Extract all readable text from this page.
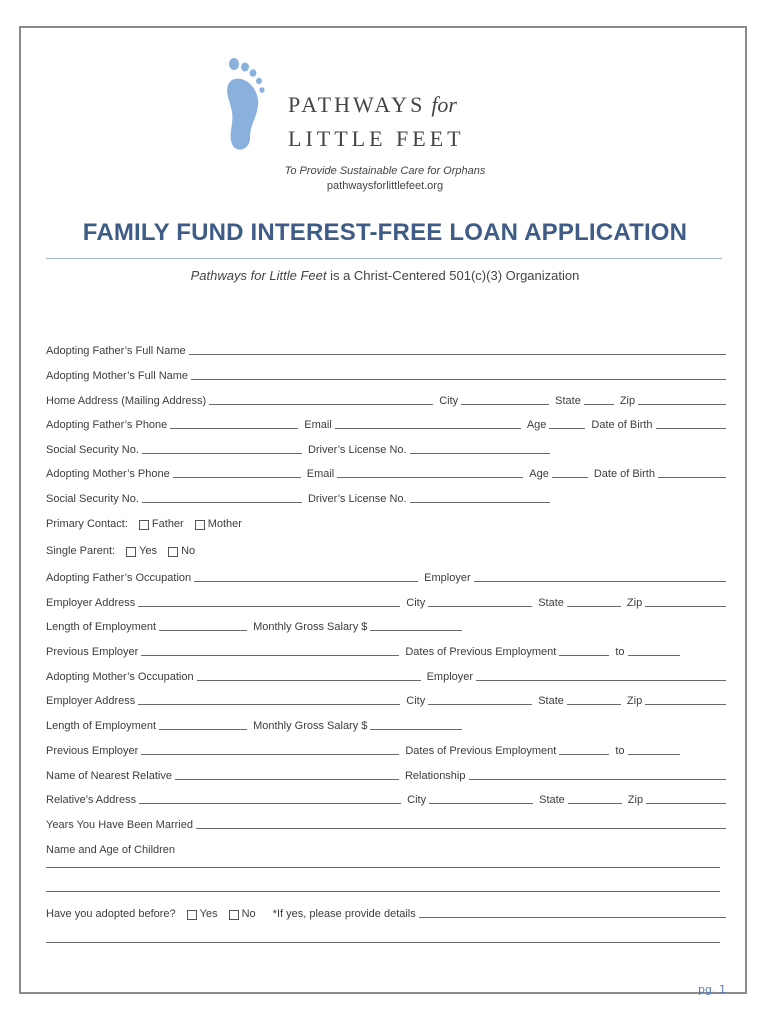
PATHWAYS for
LITTLE FEET
To Provide Sustainable Care for Orphans
pathwaysforlittlefeet.org
FAMILY FUND INTEREST-FREE LOAN APPLICATION
Pathways for Little Feet is a Christ-Centered 501(c)(3) Organization
Adopting Father’s Full Name
Adopting Mother’s Full Name
Home Address (Mailing Address)	City	State	Zip
Adopting Father’s Phone	Email	Age	Date of Birth
Social Security No.	Driver’s License No.
Adopting Mother’s Phone	Email	Age	Date of Birth
Social Security No.	Driver’s License No.
Primary Contact: Father Mother
Single Parent: Yes No
Adopting Father’s Occupation	Employer
Employer Address	City	State	Zip
Length of Employment	Monthly Gross Salary $
Previous Employer	Dates of Previous Employment	to
Adopting Mother’s Occupation	Employer
Employer Address	City	State	Zip
Length of Employment	Monthly Gross Salary $
Previous Employer	Dates of Previous Employment	to
Name of Nearest Relative	Relationship
Relative's Address	City	State	Zip
Years You Have Been Married
Name and Age of Children
Have you adopted before? Yes No	*If yes, please provide details
pg. 1
